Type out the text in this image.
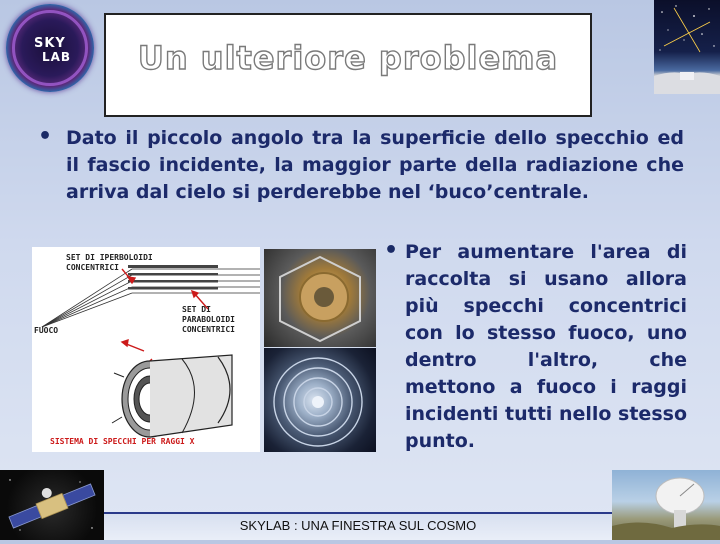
SKY
LAB Un ulteriore problema
• Dato il piccolo angolo tra la superficie dello specchio ed il fascio incidente, la maggior parte della radiazione che arriva dal cielo si perderebbe nel ‘buco’centrale.
SET DI IPERBOLOIDI
CONCENTRICI
SET DI
PARABOLOIDI
CONCENTRICI
FUOCO
SISTEMA DI SPECCHI PER RAGGI X
• Per aumentare l'area di raccolta si usano allora più specchi concentrici con lo stesso fuoco, uno dentro l'altro, che mettono a fuoco i raggi incidenti tutti nello stesso punto.
SKYLAB : UNA FINESTRA SUL COSMO
